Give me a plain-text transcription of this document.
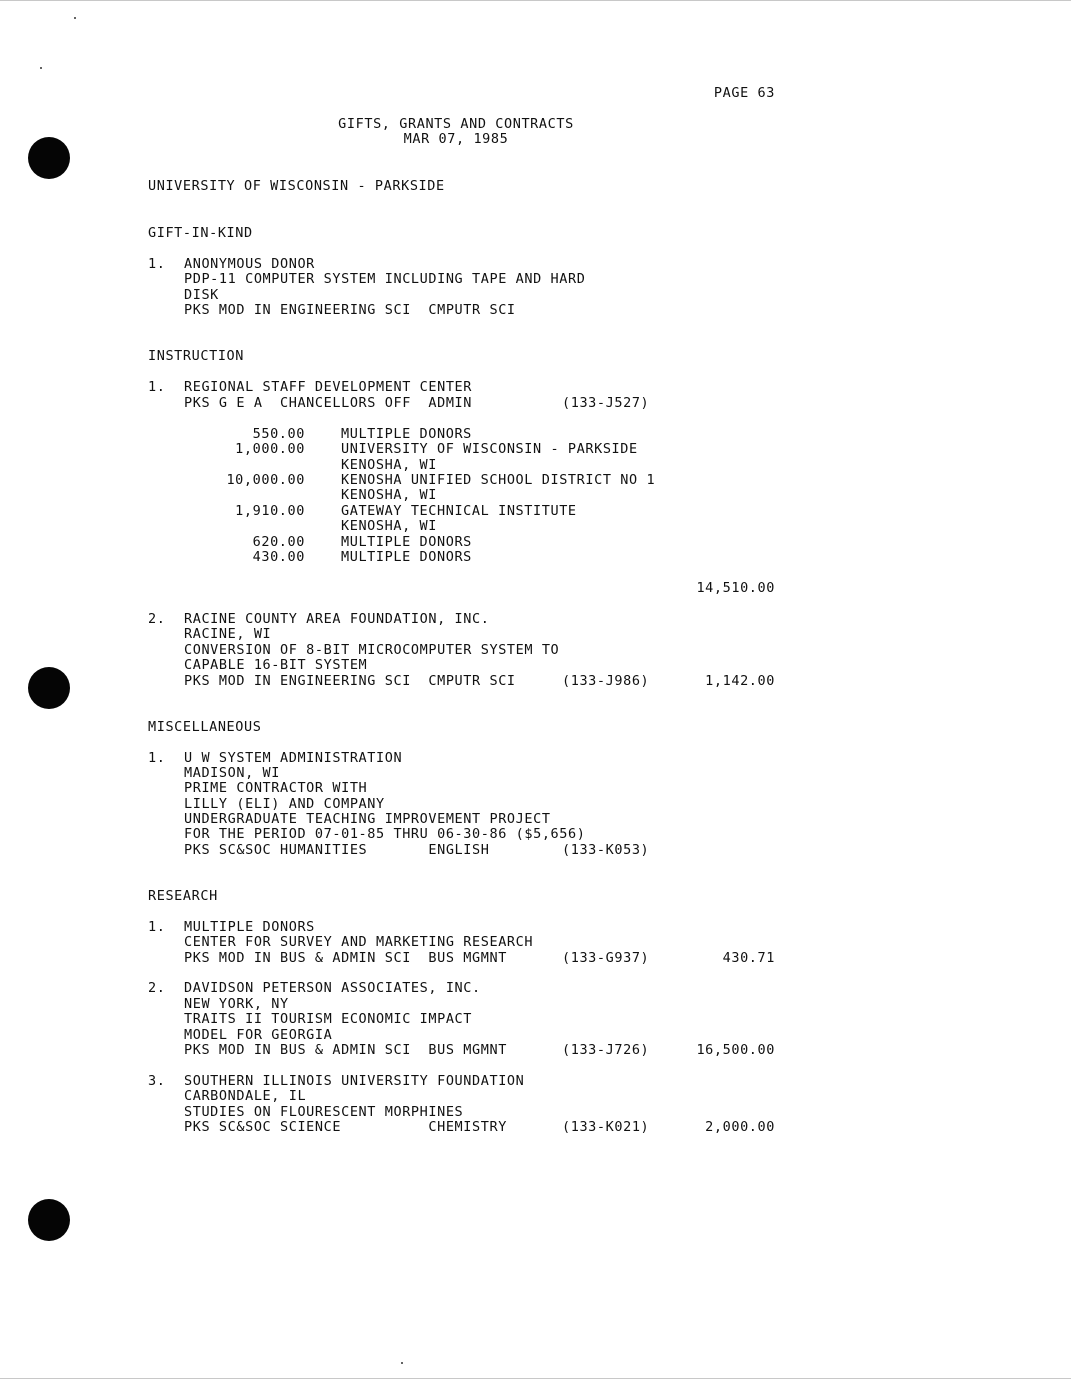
PAGE 63
GIFTS, GRANTS AND CONTRACTS
MAR 07, 1985
UNIVERSITY OF WISCONSIN - PARKSIDE
GIFT-IN-KIND
1. ANONYMOUS DONOR
PDP-11 COMPUTER SYSTEM INCLUDING TAPE AND HARD
DISK
PKS MOD IN ENGINEERING SCI  CMPUTR SCI
INSTRUCTION
1. REGIONAL STAFF DEVELOPMENT CENTER
PKS G E A  CHANCELLORS OFF  ADMIN	(133-J527)
550.00	MULTIPLE DONORS
1,000.00	UNIVERSITY OF WISCONSIN - PARKSIDE
KENOSHA, WI
10,000.00	KENOSHA UNIFIED SCHOOL DISTRICT NO 1
KENOSHA, WI
1,910.00	GATEWAY TECHNICAL INSTITUTE
KENOSHA, WI
620.00	MULTIPLE DONORS
430.00	MULTIPLE DONORS
14,510.00
2. RACINE COUNTY AREA FOUNDATION, INC.
RACINE, WI
CONVERSION OF 8-BIT MICROCOMPUTER SYSTEM TO
CAPABLE 16-BIT SYSTEM
PKS MOD IN ENGINEERING SCI  CMPUTR SCI	(133-J986)	1,142.00
MISCELLANEOUS
1. U W SYSTEM ADMINISTRATION
MADISON, WI
PRIME CONTRACTOR WITH
LILLY (ELI) AND COMPANY
UNDERGRADUATE TEACHING IMPROVEMENT PROJECT
FOR THE PERIOD 07-01-85 THRU 06-30-86 ($5,656)
PKS SC&SOC HUMANITIES       ENGLISH	(133-K053)
RESEARCH
1. MULTIPLE DONORS
CENTER FOR SURVEY AND MARKETING RESEARCH
PKS MOD IN BUS & ADMIN SCI  BUS MGMNT	(133-G937)	430.71
2. DAVIDSON PETERSON ASSOCIATES, INC.
NEW YORK, NY
TRAITS II TOURISM ECONOMIC IMPACT
MODEL FOR GEORGIA
PKS MOD IN BUS & ADMIN SCI  BUS MGMNT	(133-J726)	16,500.00
3. SOUTHERN ILLINOIS UNIVERSITY FOUNDATION
CARBONDALE, IL
STUDIES ON FLOURESCENT MORPHINES
PKS SC&SOC SCIENCE          CHEMISTRY	(133-K021)	2,000.00
